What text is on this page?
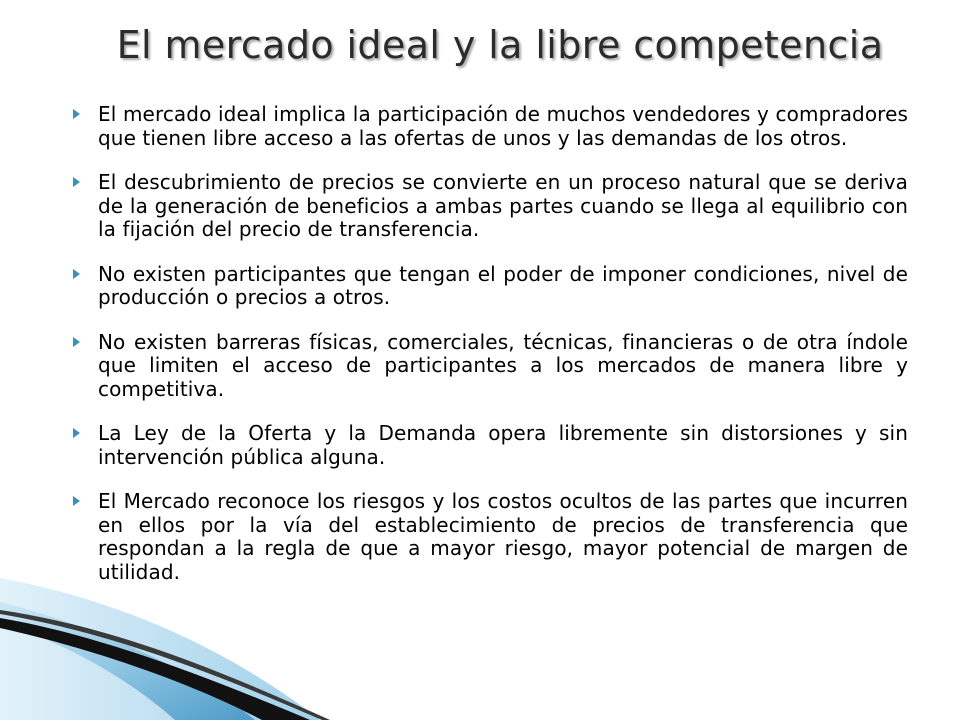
El mercado ideal y la libre competencia
El mercado ideal implica la participación de muchos vendedores y compradores que tienen libre acceso a las ofertas de unos y las demandas de los otros.
El descubrimiento de precios se convierte en un proceso natural que se deriva de la generación de beneficios a ambas partes cuando se llega al equilibrio con la fijación del precio de transferencia.
No existen participantes que tengan el poder de imponer condiciones, nivel de producción o precios a otros.
No existen barreras físicas, comerciales, técnicas, financieras o de otra índole que limiten el acceso de participantes a los mercados de manera libre y competitiva.
La Ley de la Oferta y la Demanda opera libremente sin distorsiones y sin intervención pública alguna.
El Mercado reconoce los riesgos y los costos ocultos de las partes que incurren en ellos por la vía del establecimiento de precios de transferencia que respondan a la regla de que a mayor riesgo, mayor potencial de margen de utilidad.
